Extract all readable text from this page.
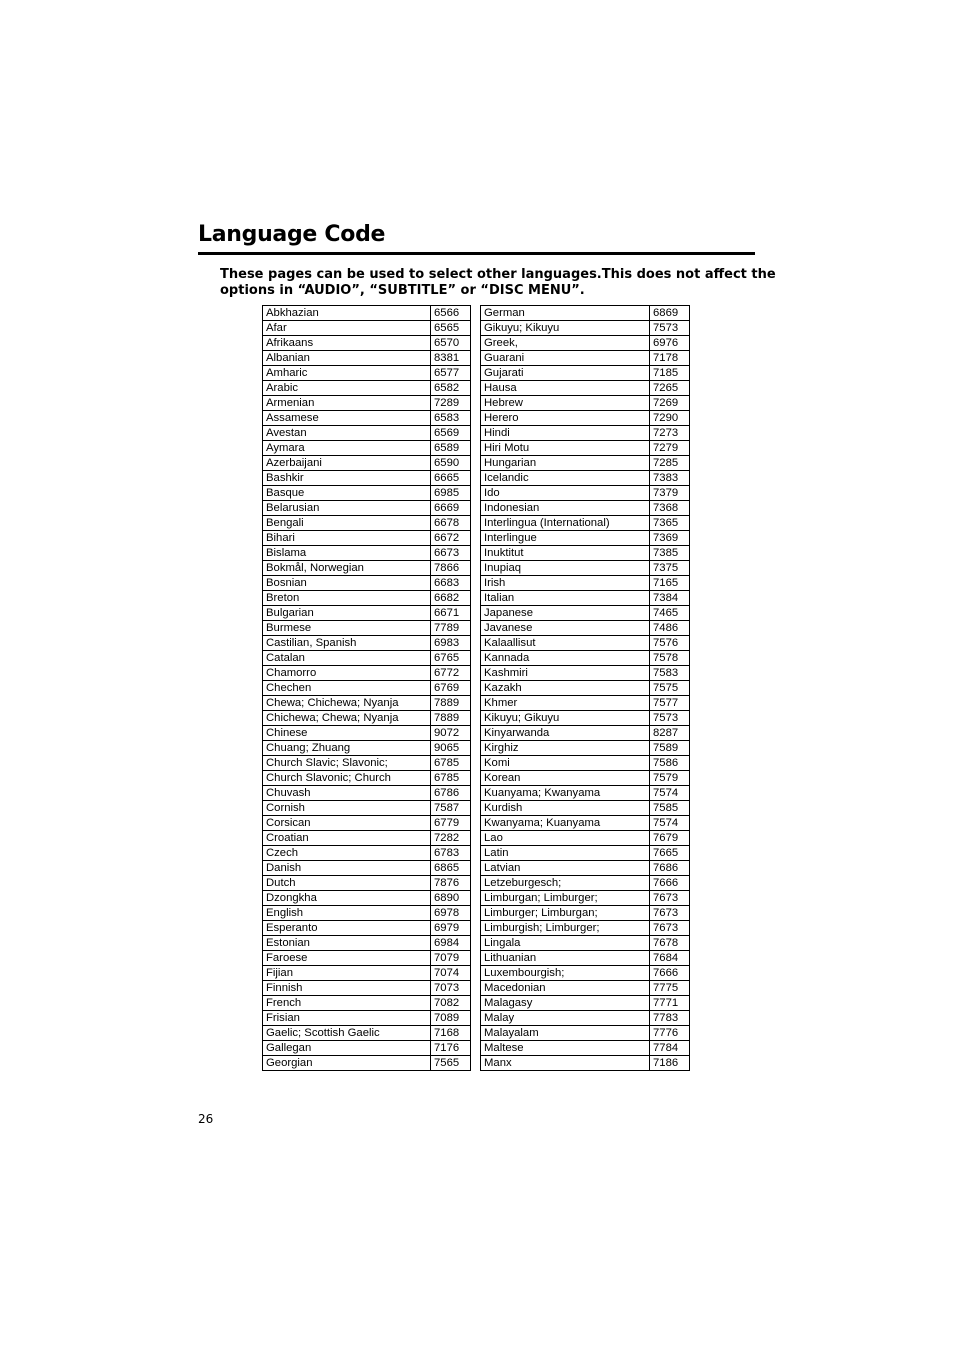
Language Code
These pages can be used to select other languages.This does not affect the
options in “AUDIO”, “SUBTITLE” or “DISC MENU”.
Abkhazian	6566
Afar	6565
Afrikaans	6570
Albanian	8381
Amharic	6577
Arabic	6582
Armenian	7289
Assamese	6583
Avestan	6569
Aymara	6589
Azerbaijani	6590
Bashkir	6665
Basque	6985
Belarusian	6669
Bengali	6678
Bihari	6672
Bislama	6673
Bokmål, Norwegian	7866
Bosnian	6683
Breton	6682
Bulgarian	6671
Burmese	7789
Castilian, Spanish	6983
Catalan	6765
Chamorro	6772
Chechen	6769
Chewa; Chichewa; Nyanja	7889
Chichewa; Chewa; Nyanja	7889
Chinese	9072
Chuang; Zhuang	9065
Church Slavic; Slavonic;	6785
Church Slavonic; Church	6785
Chuvash	6786
Cornish	7587
Corsican	6779
Croatian	7282
Czech	6783
Danish	6865
Dutch	7876
Dzongkha	6890
English	6978
Esperanto	6979
Estonian	6984
Faroese	7079
Fijian	7074
Finnish	7073
French	7082
Frisian	7089
Gaelic; Scottish Gaelic	7168
Gallegan	7176
Georgian	7565
German	6869
Gikuyu; Kikuyu	7573
Greek,	6976
Guarani	7178
Gujarati	7185
Hausa	7265
Hebrew	7269
Herero	7290
Hindi	7273
Hiri Motu	7279
Hungarian	7285
Icelandic	7383
Ido	7379
Indonesian	7368
Interlingua (International)	7365
Interlingue	7369
Inuktitut	7385
Inupiaq	7375
Irish	7165
Italian	7384
Japanese	7465
Javanese	7486
Kalaallisut	7576
Kannada	7578
Kashmiri	7583
Kazakh	7575
Khmer	7577
Kikuyu; Gikuyu	7573
Kinyarwanda	8287
Kirghiz	7589
Komi	7586
Korean	7579
Kuanyama; Kwanyama	7574
Kurdish	7585
Kwanyama; Kuanyama	7574
Lao	7679
Latin	7665
Latvian	7686
Letzeburgesch;	7666
Limburgan; Limburger;	7673
Limburger; Limburgan;	7673
Limburgish; Limburger;	7673
Lingala	7678
Lithuanian	7684
Luxembourgish;	7666
Macedonian	7775
Malagasy	7771
Malay	7783
Malayalam	7776
Maltese	7784
Manx	7186
26
